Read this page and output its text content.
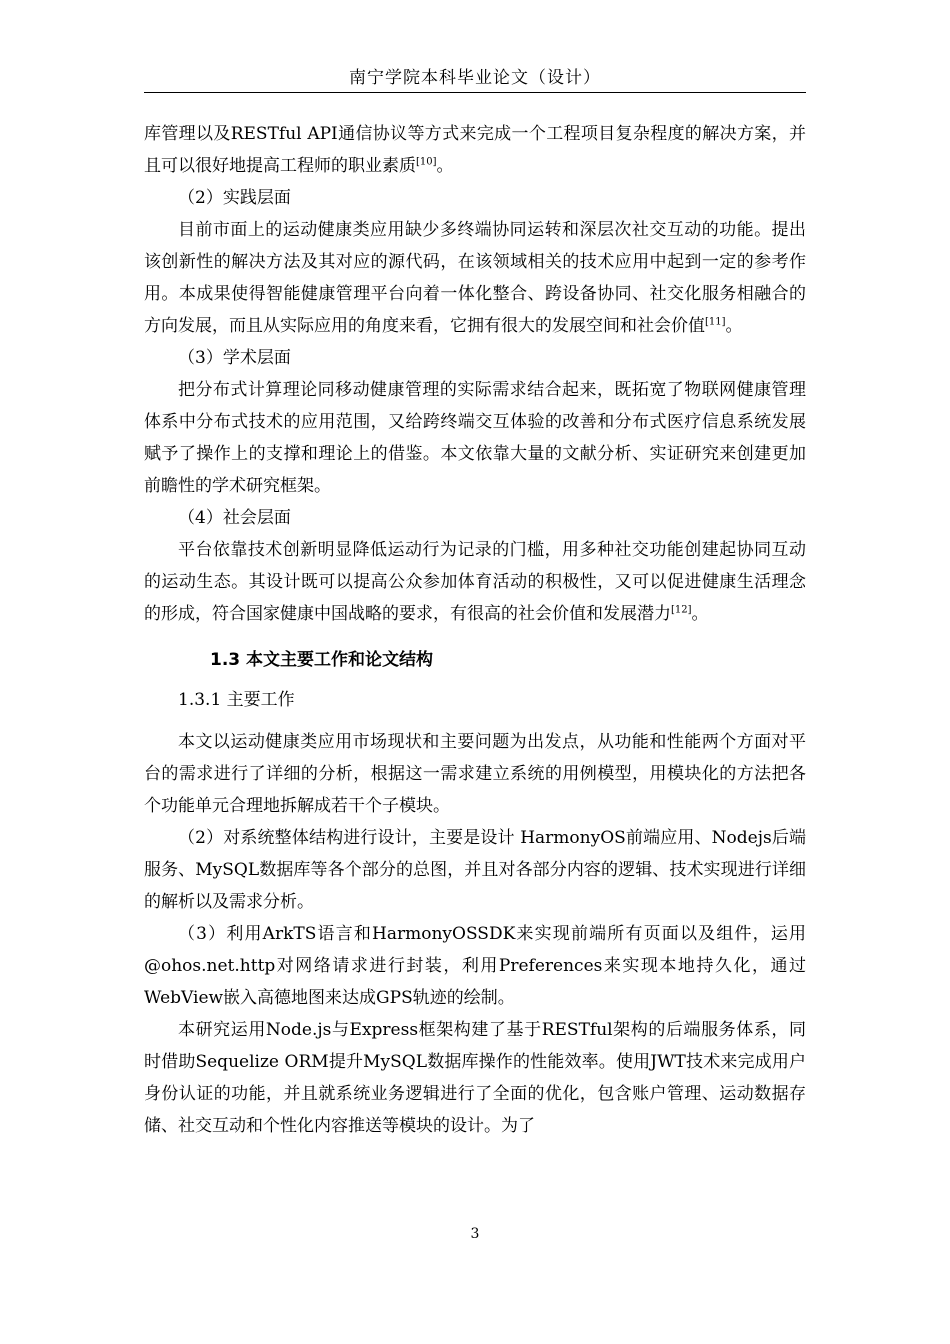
南宁学院本科毕业论文（设计）

库管理以及RESTful API通信协议等方式来完成一个工程项目复杂程度的解决方案，并且可以很好地提高工程师的职业素质[10]。

（2）实践层面

目前市面上的运动健康类应用缺少多终端协同运转和深层次社交互动的功能。提出该创新性的解决方法及其对应的源代码，在该领域相关的技术应用中起到一定的参考作用。本成果使得智能健康管理平台向着一体化整合、跨设备协同、社交化服务相融合的方向发展，而且从实际应用的角度来看，它拥有很大的发展空间和社会价值[11]。

（3）学术层面

把分布式计算理论同移动健康管理的实际需求结合起来，既拓宽了物联网健康管理体系中分布式技术的应用范围，又给跨终端交互体验的改善和分布式医疗信息系统发展赋予了操作上的支撑和理论上的借鉴。本文依靠大量的文献分析、实证研究来创建更加前瞻性的学术研究框架。

（4）社会层面

平台依靠技术创新明显降低运动行为记录的门槛，用多种社交功能创建起协同互动的运动生态。其设计既可以提高公众参加体育活动的积极性，又可以促进健康生活理念的形成，符合国家健康中国战略的要求，有很高的社会价值和发展潜力[12]。

1.3 本文主要工作和论文结构
1.3.1 主要工作

本文以运动健康类应用市场现状和主要问题为出发点，从功能和性能两个方面对平台的需求进行了详细的分析，根据这一需求建立系统的用例模型，用模块化的方法把各个功能单元合理地拆解成若干个子模块。

（2）对系统整体结构进行设计，主要是设计 HarmonyOS前端应用、Nodejs后端服务、MySQL数据库等各个部分的总图，并且对各部分内容的逻辑、技术实现进行详细的解析以及需求分析。

（3）利用ArkTS语言和HarmonyOSSDK来实现前端所有页面以及组件，运用@ohos.net.http对网络请求进行封装，利用Preferences来实现本地持久化，通过WebView嵌入高德地图来达成GPS轨迹的绘制。

本研究运用Node.js与Express框架构建了基于RESTful架构的后端服务体系，同时借助Sequelize ORM提升MySQL数据库操作的性能效率。使用JWT技术来完成用户身份认证的功能，并且就系统业务逻辑进行了全面的优化，包含账户管理、运动数据存储、社交互动和个性化内容推送等模块的设计。为了

3
